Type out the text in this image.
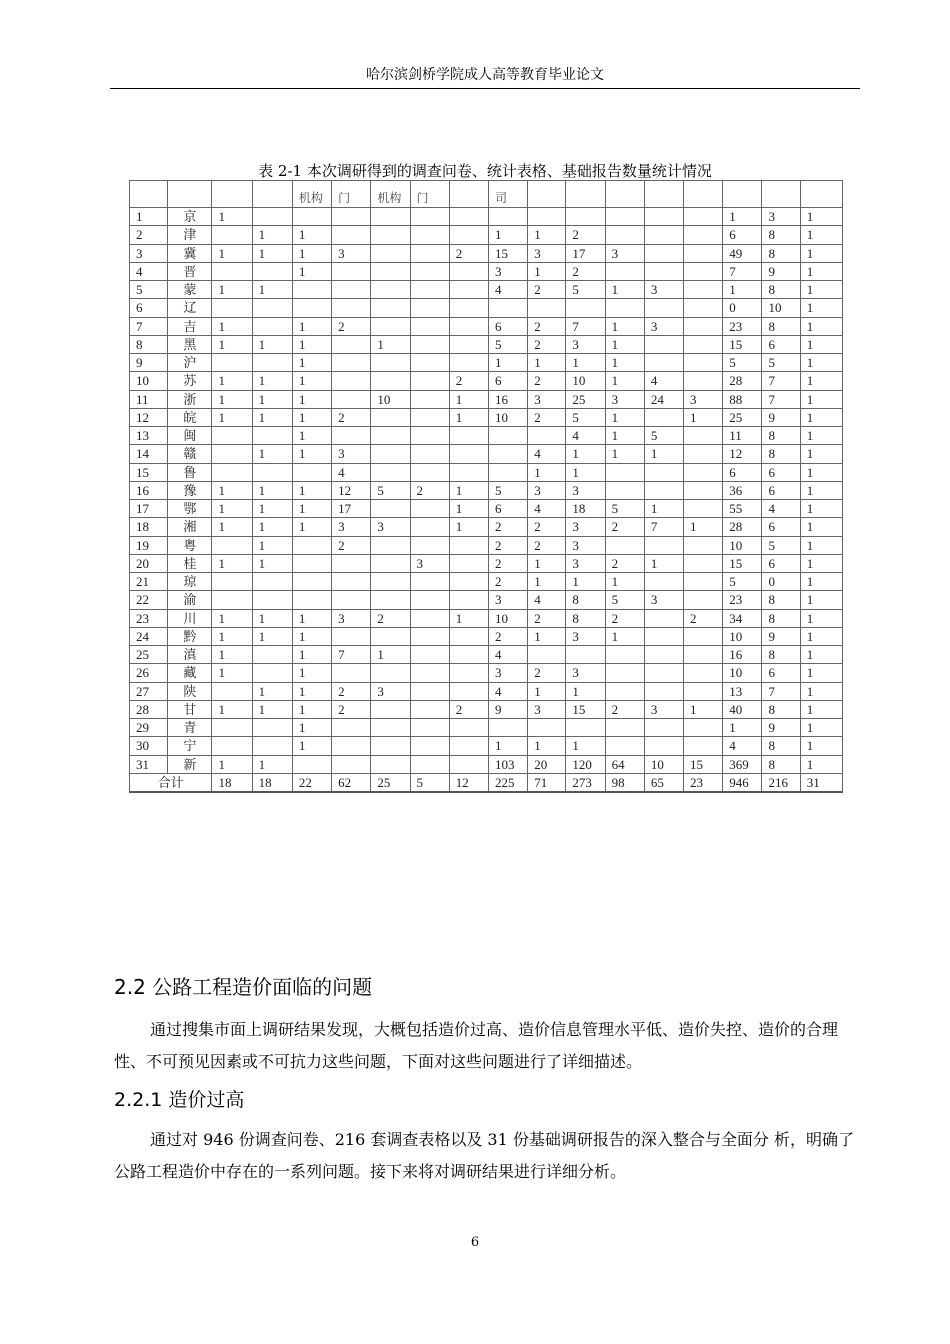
哈尔滨剑桥学院成人高等教育毕业论文
表 2-1 本次调研得到的调查问卷、统计表格、基础报告数量统计情况
				机构	门	机构	门		司								
1	京	1													1	3	1
2	津		1	1					1	1	2				6	8	1
3	冀	1	1	1	3			2	15	3	17	3			49	8	1
4	晋			1					3	1	2				7	9	1
5	蒙	1	1						4	2	5	1	3		1	8	1
6	辽														0	10	1
7	吉	1		1	2				6	2	7	1	3		23	8	1
8	黑	1	1	1		1			5	2	3	1			15	6	1
9	沪			1					1	1	1	1			5	5	1
10	苏	1	1	1				2	6	2	10	1	4		28	7	1
11	浙	1	1	1		10		1	16	3	25	3	24	3	88	7	1
12	皖	1	1	1	2			1	10	2	5	1		1	25	9	1
13	闽			1							4	1	5		11	8	1
14	赣		1	1	3					4	1	1	1		12	8	1
15	鲁				4					1	1				6	6	1
16	豫	1	1	1	12	5	2	1	5	3	3				36	6	1
17	鄂	1	1	1	17			1	6	4	18	5	1		55	4	1
18	湘	1	1	1	3	3		1	2	2	3	2	7	1	28	6	1
19	粤		1		2				2	2	3				10	5	1
20	桂	1	1				3		2	1	3	2	1		15	6	1
21	琼								2	1	1	1			5	0	1
22	渝								3	4	8	5	3		23	8	1
23	川	1	1	1	3	2		1	10	2	8	2		2	34	8	1
24	黔	1	1	1					2	1	3	1			10	9	1
25	滇	1		1	7	1			4						16	8	1
26	藏	1		1					3	2	3				10	6	1
27	陕		1	1	2	3			4	1	1				13	7	1
28	甘	1	1	1	2			2	9	3	15	2	3	1	40	8	1
29	青			1											1	9	1
30	宁			1					1	1	1				4	8	1
31	新	1	1						103	20	120	64	10	15	369	8	1
合计		18	18	22	62	25	5	12	225	71	273	98	65	23	946	216	31
2.2 公路工程造价面临的问题
通过搜集市面上调研结果发现，大概包括造价过高、造价信息管理水平低、造价失控、造价的合理性、不可预见因素或不可抗力这些问题，下面对这些问题进行了详细描述。
2.2.1 造价过高
通过对 946 份调查问卷、216 套调查表格以及 31 份基础调研报告的深入整合与全面分 析，明确了公路工程造价中存在的一系列问题。接下来将对调研结果进行详细分析。
6
